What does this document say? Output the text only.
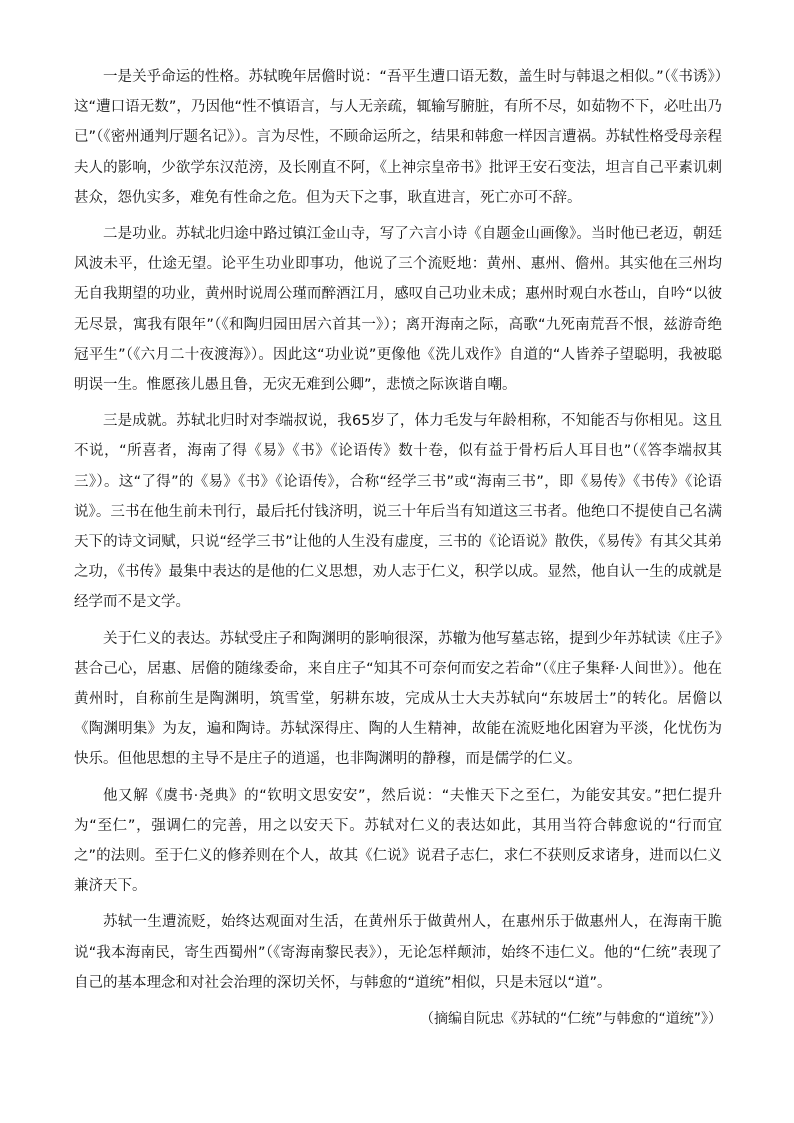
一是关乎命运的性格。苏轼晚年居儋时说：“吾平生遭口语无数，盖生时与韩退之相似。”（《书诱》）这“遭口语无数”，乃因他“性不慎语言，与人无亲疏，辄输写腑脏，有所不尽，如茹物不下，必吐出乃已”（《密州通判厅题名记》）。言为尽性，不顾命运所之，结果和韩愈一样因言遭祸。苏轼性格受母亲程夫人的影响，少欲学东汉范滂，及长刚直不阿，《上神宗皇帝书》批评王安石变法，坦言自己平素讥刺甚众，怨仇实多，难免有性命之危。但为天下之事，耿直进言，死亡亦可不辞。

二是功业。苏轼北归途中路过镇江金山寺，写了六言小诗《自题金山画像》。当时他已老迈，朝廷风波未平，仕途无望。论平生功业即事功，他说了三个流贬地：黄州、惠州、儋州。其实他在三州均无自我期望的功业，黄州时说周公瑾而醉酒江月，感叹自己功业未成；惠州时观白水苍山，自吟“以彼无尽景，寓我有限年”（《和陶归园田居六首其一》）；离开海南之际，高歌“九死南荒吾不恨，兹游奇绝冠平生”（《六月二十夜渡海》）。因此这“功业说”更像他《洗儿戏作》自道的“人皆养子望聪明，我被聪明误一生。惟愿孩儿愚且鲁，无灾无难到公卿”，悲愤之际诙谐自嘲。

三是成就。苏轼北归时对李端叔说，我65岁了，体力毛发与年龄相称，不知能否与你相见。这且不说，“所喜者，海南了得《易》《书》《论语传》数十卷，似有益于骨朽后人耳目也”（《答李端叔其三》）。这“了得”的《易》《书》《论语传》，合称“经学三书”或“海南三书”，即《易传》《书传》《论语说》。三书在他生前未刊行，最后托付钱济明，说三十年后当有知道这三书者。他绝口不提使自己名满天下的诗文词赋，只说“经学三书”让他的人生没有虚度，三书的《论语说》散佚，《易传》有其父其弟之功，《书传》最集中表达的是他的仁义思想，劝人志于仁义，积学以成。显然，他自认一生的成就是经学而不是文学。

关于仁义的表达。苏轼受庄子和陶渊明的影响很深，苏辙为他写墓志铭，提到少年苏轼读《庄子》甚合己心，居惠、居儋的随缘委命，来自庄子“知其不可奈何而安之若命”（《庄子集释·人间世》）。他在黄州时，自称前生是陶渊明，筑雪堂，躬耕东坡，完成从士大夫苏轼向“东坡居士”的转化。居儋以《陶渊明集》为友，遍和陶诗。苏轼深得庄、陶的人生精神，故能在流贬地化困窘为平淡，化忧伤为快乐。但他思想的主导不是庄子的逍遥，也非陶渊明的静穆，而是儒学的仁义。

他又解《虞书·尧典》的“钦明文思安安”，然后说：“夫惟天下之至仁，为能安其安。”把仁提升为“至仁”，强调仁的完善，用之以安天下。苏轼对仁义的表达如此，其用当符合韩愈说的“行而宜之”的法则。至于仁义的修养则在个人，故其《仁说》说君子志仁，求仁不获则反求诸身，进而以仁义兼济天下。

苏轼一生遭流贬，始终达观面对生活，在黄州乐于做黄州人，在惠州乐于做惠州人，在海南干脆说“我本海南民，寄生西蜀州”（《寄海南黎民表》），无论怎样颠沛，始终不违仁义。他的“仁统”表现了自己的基本理念和对社会治理的深切关怀，与韩愈的“道统”相似，只是未冠以“道”。

（摘编自阮忠《苏轼的“仁统”与韩愈的“道统”》）
